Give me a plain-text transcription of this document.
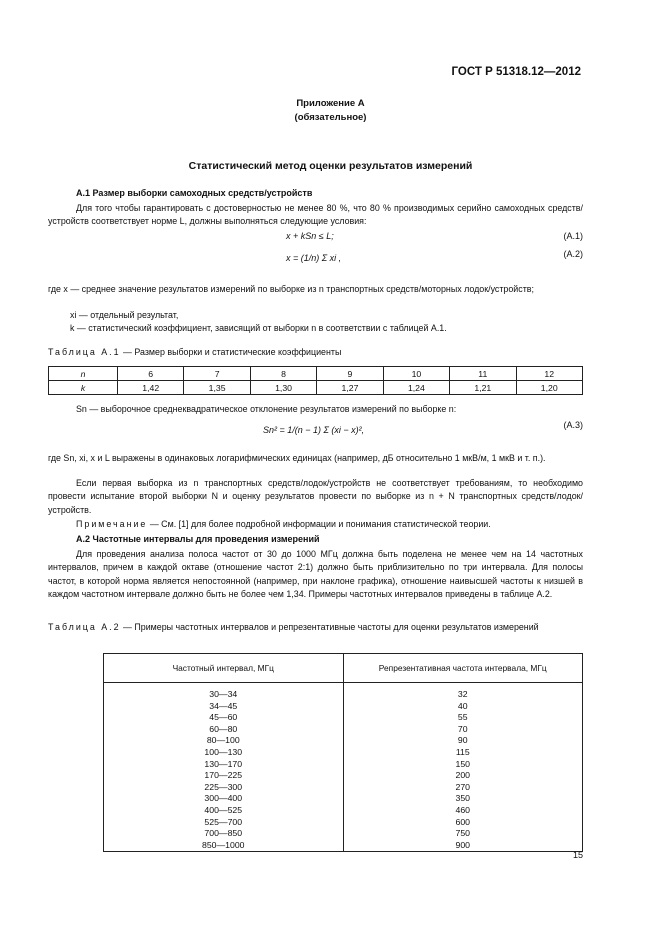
ГОСТ Р 51318.12—2012
Приложение А
(обязательное)
Статистический метод оценки результатов измерений
А.1 Размер выборки самоходных средств/устройств
Для того чтобы гарантировать с достоверностью не менее 80 %, что 80 % производимых серийно самоходных средств/устройств соответствует норме L, должны выполняться следующие условия:
x + kSn ≤ L;	(А.1)
x = (1/n) Σ xi ,	(А.2)
где x — среднее значение результатов измерений по выборке из n транспортных средств/моторных лодок/устройств;
xi — отдельный результат,
k — статистический коэффициент, зависящий от выборки n в соответствии с таблицей А.1.
Таблица А.1 — Размер выборки и статистические коэффициенты
n	6	7	8	9	10	11	12
k	1,42	1,35	1,30	1,27	1,24	1,21	1,20
Sn — выборочное среднеквадратическое отклонение результатов измерений по выборке n:
Sn² = 1/(n − 1) Σ (xi − x)²,	(А.3)
где Sn, xi, x и L выражены в одинаковых логарифмических единицах (например, дБ относительно 1 мкВ/м, 1 мкВ и т. п.).
Если первая выборка из n транспортных средств/лодок/устройств не соответствует требованиям, то необходимо провести испытание второй выборки N и оценку результатов провести по выборке из n + N транспортных средств/лодок/устройств.
Примечание — См. [1] для более подробной информации и понимания статистической теории.
А.2 Частотные интервалы для проведения измерений
Для проведения анализа полоса частот от 30 до 1000 МГц должна быть поделена не менее чем на 14 частотных интервалов, причем в каждой октаве (отношение частот 2:1) должно быть приблизительно по три интервала. Для полосы частот, в которой норма является непостоянной (например, при наклоне графика), отношение наивысшей частоты к низшей в каждом частотном интервале должно быть не более чем 1,34. Примеры частотных интервалов приведены в таблице А.2.
Таблица А.2 — Примеры частотных интервалов и репрезентативные частоты для оценки результатов измерений
Частотный интервал, МГц	Репрезентативная частота интервала, МГц
30—34	32
34—45	40
45—60	55
60—80	70
80—100	90
100—130	115
130—170	150
170—225	200
225—300	270
300—400	350
400—525	460
525—700	600
700—850	750
850—1000	900
15
